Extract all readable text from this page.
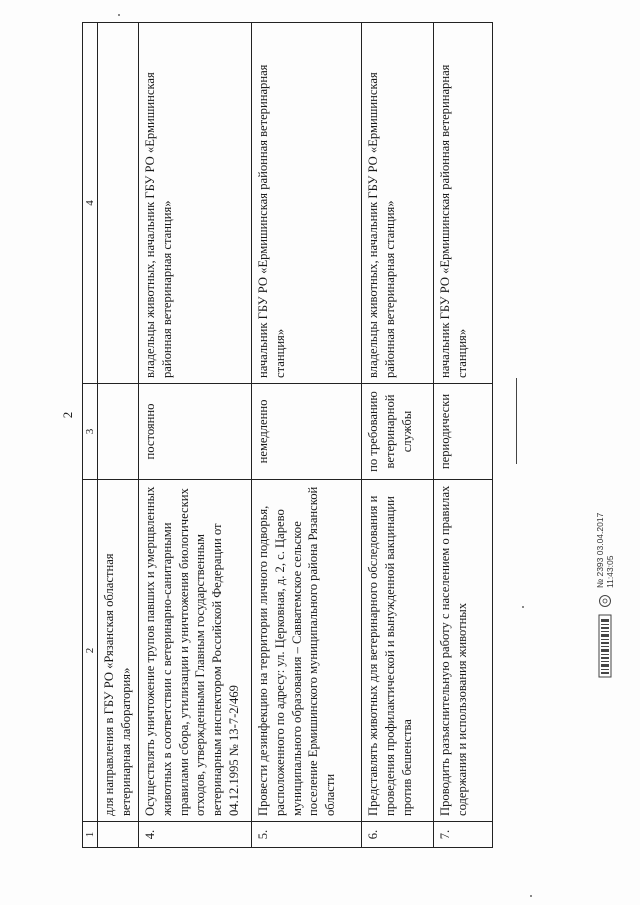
2
1	2	3	4
	для направления в ГБУ РО «Рязанская областная ветеринарная лаборатория»		
4.	Осуществлять уничтожение трупов павших и умерщвленных животных в соответствии с ветеринарно-санитарными правилами сбора, утилизации и уничтожения биологических отходов, утвержденными Главным государственным ветеринарным инспектором Российской Федерации от 04.12.1995 № 13-7-2/469	постоянно	владельцы животных, начальник ГБУ РО «Ермишинская районная ветеринарная станция»
5.	Провести дезинфекцию на территории личного подворья, расположенного по адресу: ул. Церковная, д. 2, с. Царево муниципального образования – Савватемское сельское поселение Ермишинского муниципального района Рязанской области	немедленно	начальник ГБУ РО «Ермишинская районная ветеринарная станция»
6.	Представлять животных для ветеринарного обследования и проведения профилактической и вынужденной вакцинации против бешенства	по требованию ветеринарной службы	владельцы животных, начальник ГБУ РО «Ермишинская районная ветеринарная станция»
7.	Проводить разъяснительную работу с населением о правилах содержания и использования животных	периодически	начальник ГБУ РО «Ермишинская районная ветеринарная станция»
№ 2393 03.04.2017 11:43:05
